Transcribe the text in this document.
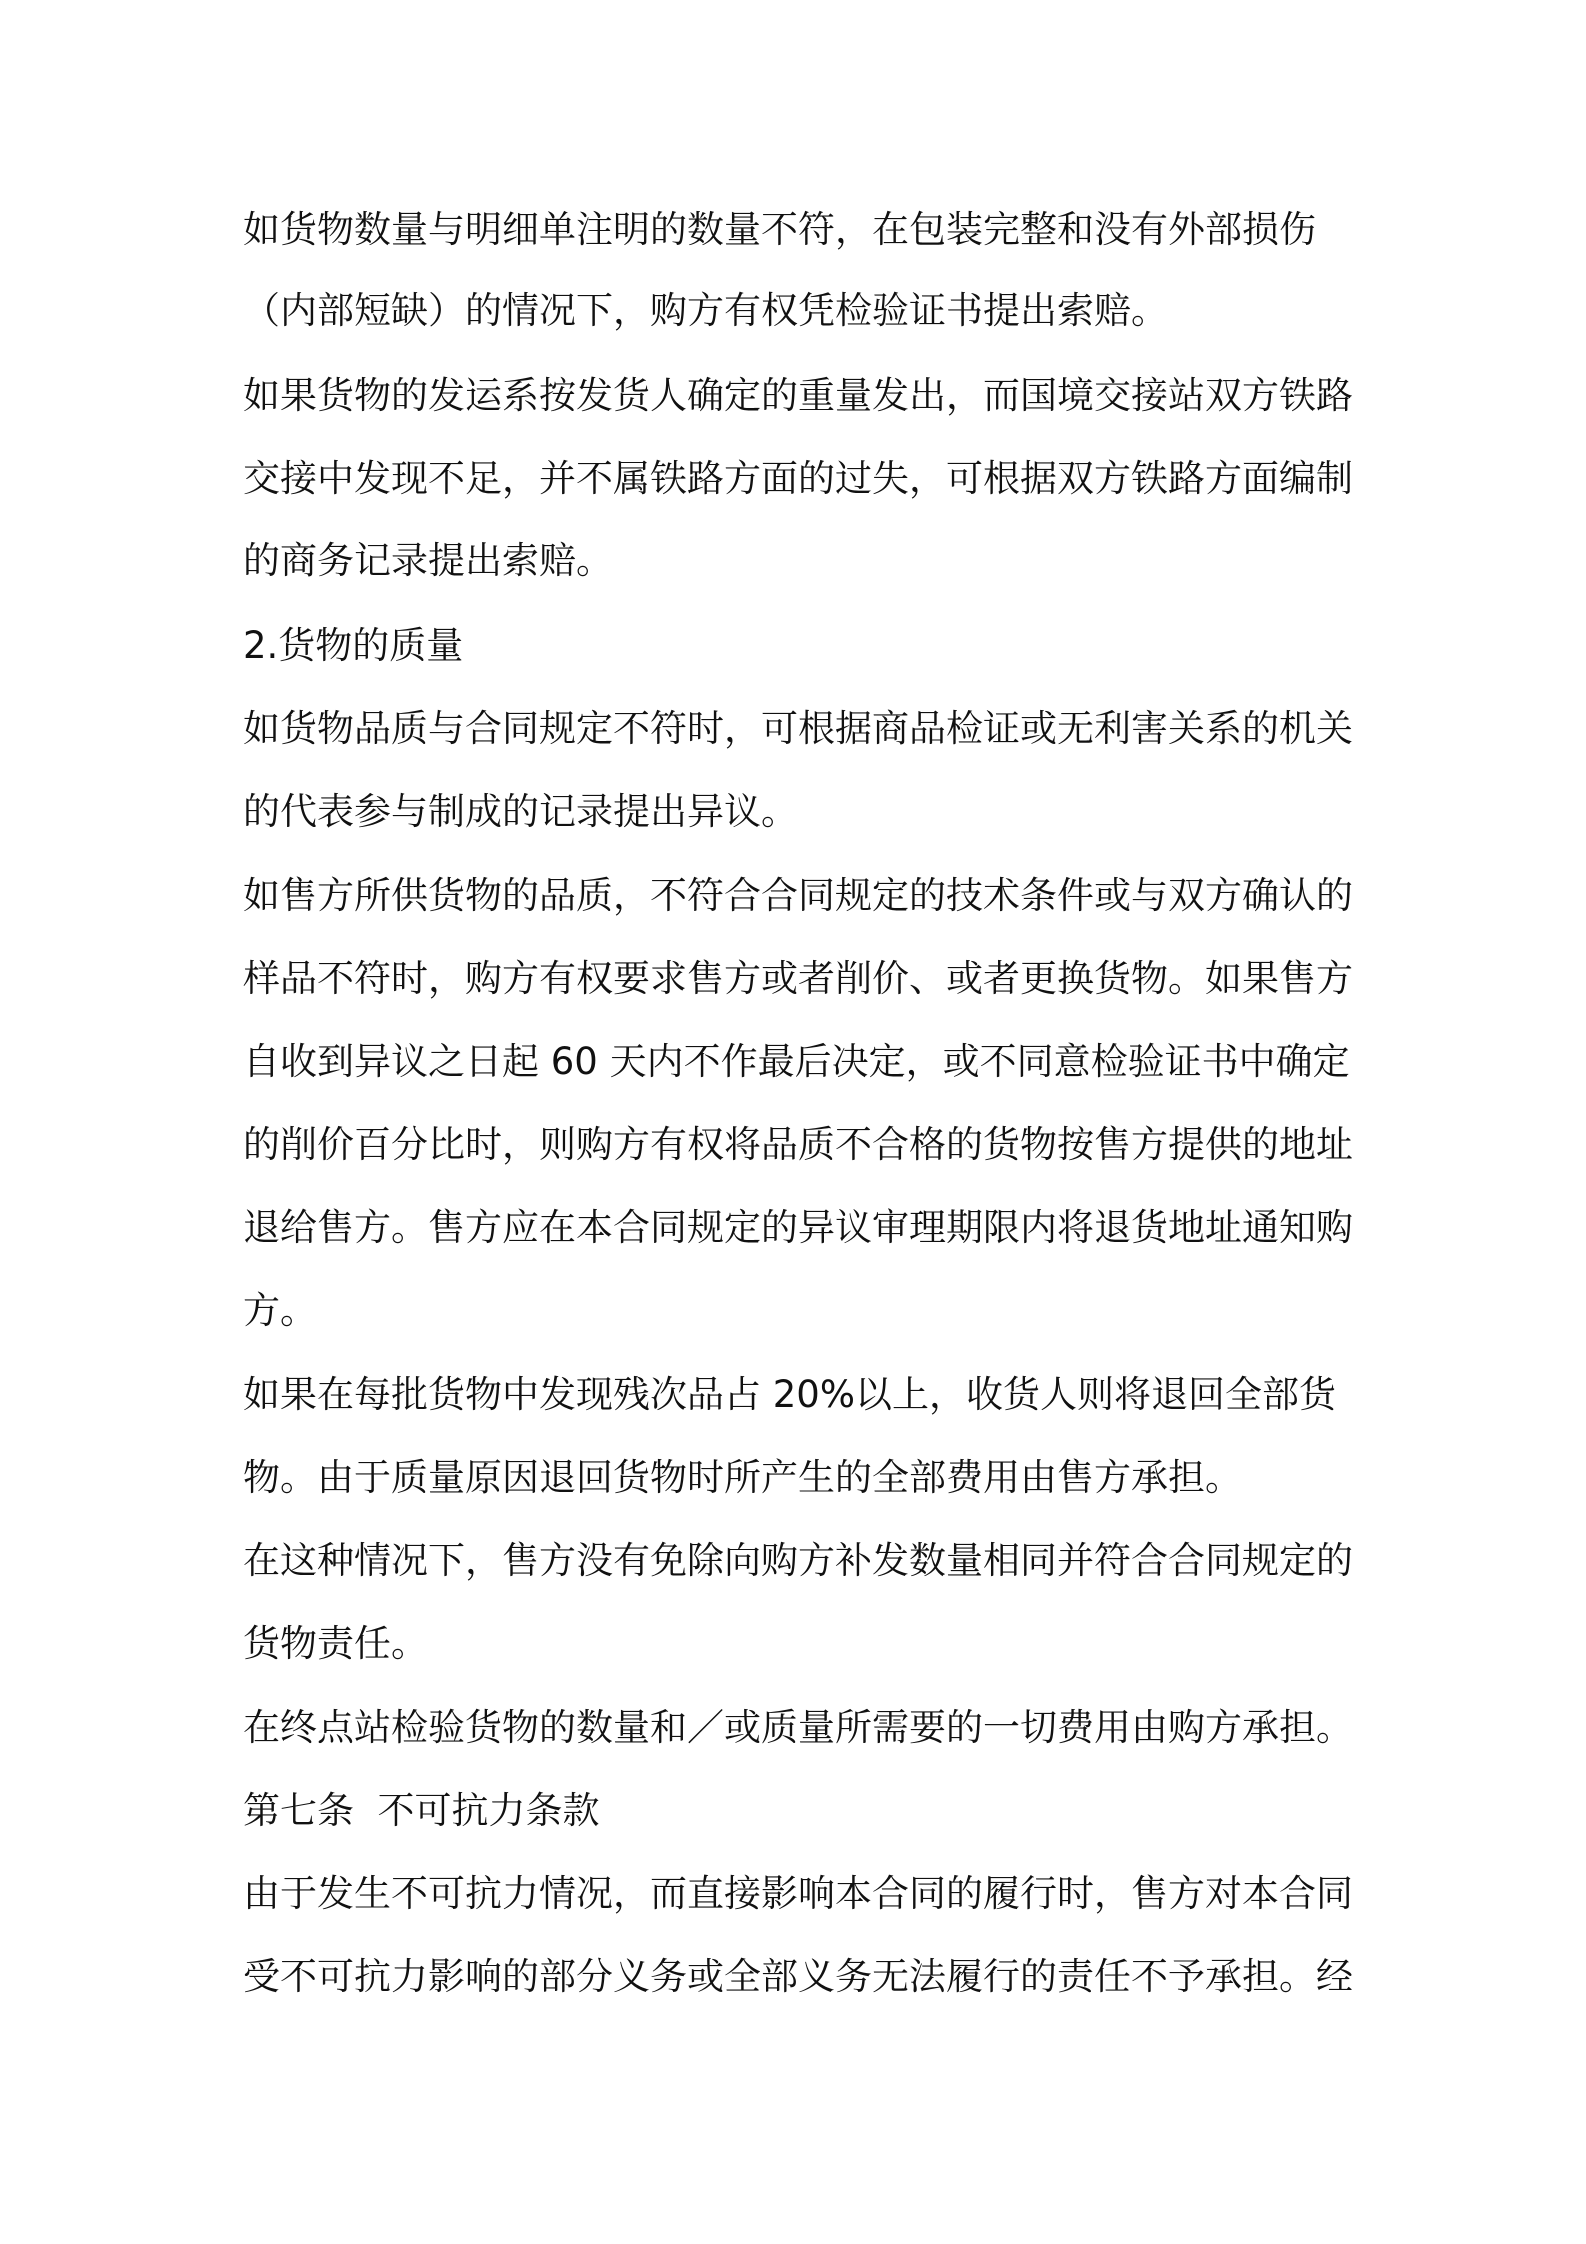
如货物数量与明细单注明的数量不符，在包装完整和没有外部损伤
（内部短缺）的情况下，购方有权凭检验证书提出索赔。
如果货物的发运系按发货人确定的重量发出，而国境交接站双方铁路
交接中发现不足，并不属铁路方面的过失，可根据双方铁路方面编制
的商务记录提出索赔。
2.货物的质量
如货物品质与合同规定不符时，可根据商品检证或无利害关系的机关
的代表参与制成的记录提出异议。
如售方所供货物的品质，不符合合同规定的技术条件或与双方确认的
样品不符时，购方有权要求售方或者削价、或者更换货物。如果售方
自收到异议之日起 60 天内不作最后决定，或不同意检验证书中确定
的削价百分比时，则购方有权将品质不合格的货物按售方提供的地址
退给售方。售方应在本合同规定的异议审理期限内将退货地址通知购
方。
如果在每批货物中发现残次品占 20%以上，收货人则将退回全部货
物。由于质量原因退回货物时所产生的全部费用由售方承担。
在这种情况下，售方没有免除向购方补发数量相同并符合合同规定的
货物责任。
在终点站检验货物的数量和／或质量所需要的一切费用由购方承担。
第七条  不可抗力条款
由于发生不可抗力情况，而直接影响本合同的履行时，售方对本合同
受不可抗力影响的部分义务或全部义务无法履行的责任不予承担。经
